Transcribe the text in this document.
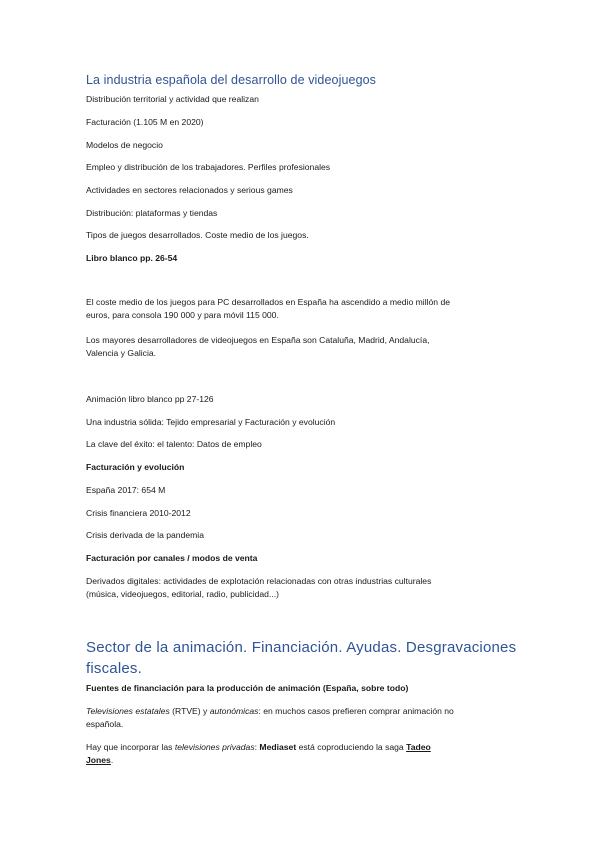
La industria española del desarrollo de videojuegos
Distribución territorial y actividad que realizan
Facturación (1.105 M en 2020)
Modelos de negocio
Empleo y distribución de los trabajadores. Perfiles profesionales
Actividades en sectores relacionados y serious games
Distribución: plataformas y tiendas
Tipos de juegos desarrollados. Coste medio de los juegos.
Libro blanco pp. 26-54
El coste medio de los juegos para PC desarrollados en España ha ascendido a medio millón de
euros, para consola 190 000 y para móvil 115 000.
Los mayores desarrolladores de videojuegos en España son Cataluña, Madrid, Andalucía,
Valencia y Galicia.
Animación libro blanco pp 27-126
Una industria sólida: Tejido empresarial y Facturación y evolución
La clave del éxito: el talento: Datos de empleo
Facturación y evolución
España 2017: 654 M
Crisis financiera 2010-2012
Crisis derivada de la pandemia
Facturación por canales / modos de venta
Derivados digitales: actividades de explotación relacionadas con otras industrias culturales
(música, videojuegos, editorial, radio, publicidad...)
Sector de la animación. Financiación. Ayudas. Desgravaciones fiscales.
Fuentes de financiación para la producción de animación (España, sobre todo)
Televisiones estatales (RTVE) y autonómicas: en muchos casos prefieren comprar animación no
española.
Hay que incorporar las televisiones privadas: Mediaset está coproduciendo la saga Tadeo
Jones.
